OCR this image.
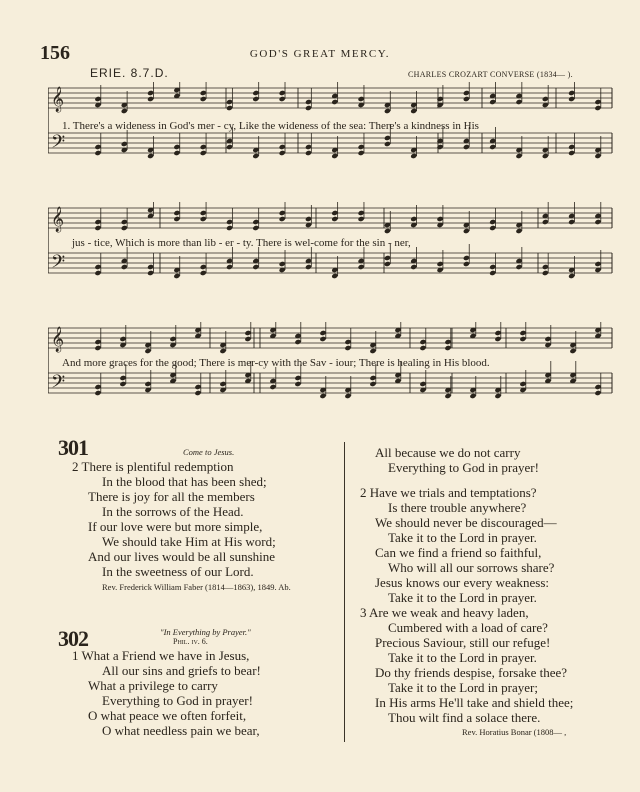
156	GOD'S GREAT MERCY.
ERIE. 8.7.D.	CHARLES CROZART CONVERSE (1834— ).
𝄞
𝄢
1. There's a wideness in God's mer - cy, Like the wideness of the sea: There's a kindness in His
𝄞
𝄢
jus - tice, Which is more than lib - er - ty. There is wel-come for the sin - ner,
𝄞
𝄢
And more graces for the good; There is mer-cy with the Sav - iour; There is healing in His blood.
301	Come to Jesus.
2 There is plentiful redemption
In the blood that has been shed;
There is joy for all the members
In the sorrows of the Head.
If our love were but more simple,
We should take Him at His word;
And our lives would be all sunshine
In the sweetness of our Lord.
Rev. Frederick William Faber (1814—1863), 1849. Ab.
302	"In Everything by Prayer."
Phil. iv. 6.
1 What a Friend we have in Jesus,
All our sins and griefs to bear!
What a privilege to carry
Everything to God in prayer!
O what peace we often forfeit,
O what needless pain we bear,
All because we do not carry
Everything to God in prayer!
2 Have we trials and temptations?
Is there trouble anywhere?
We should never be discouraged—
Take it to the Lord in prayer.
Can we find a friend so faithful,
Who will all our sorrows share?
Jesus knows our every weakness:
Take it to the Lord in prayer.
3 Are we weak and heavy laden,
Cumbered with a load of care?
Precious Saviour, still our refuge!
Take it to the Lord in prayer.
Do thy friends despise, forsake thee?
Take it to the Lord in prayer;
In His arms He'll take and shield thee;
Thou wilt find a solace there.
Rev. Horatius Bonar (1808— ,
